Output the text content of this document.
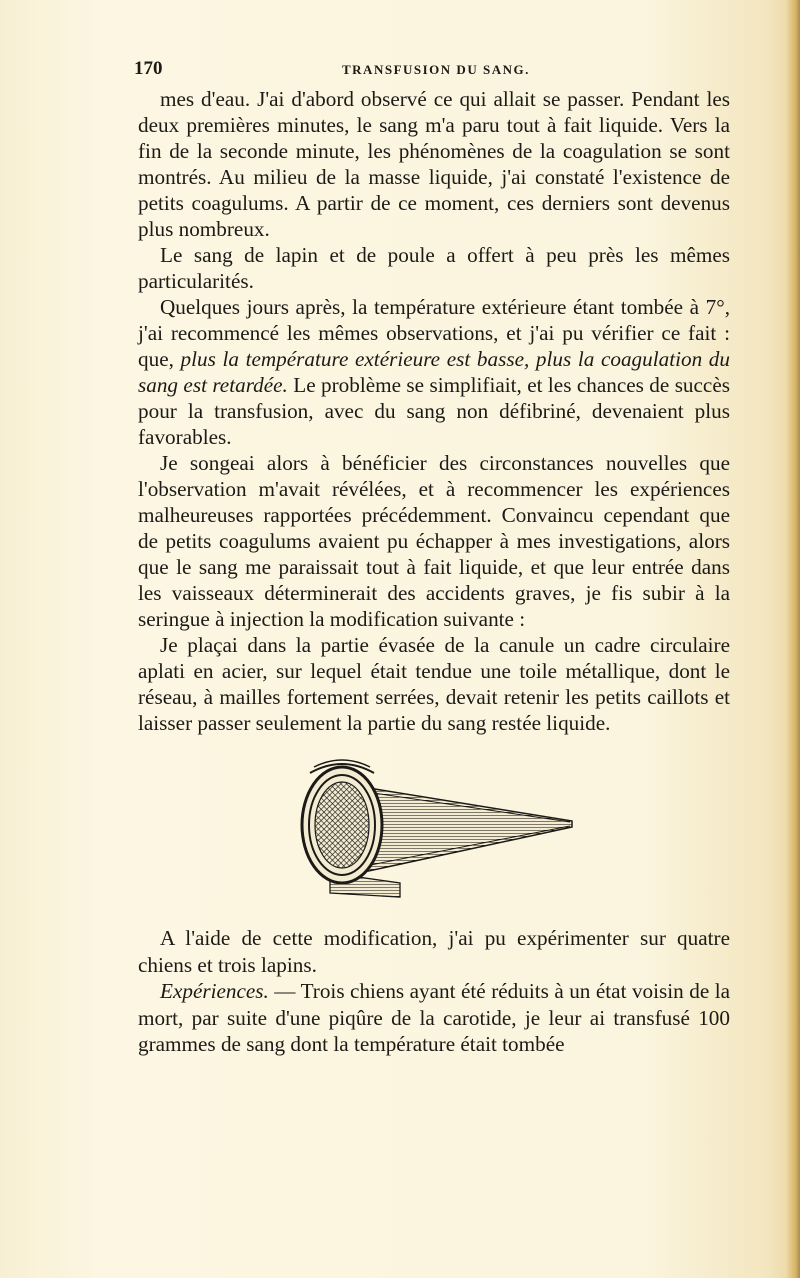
170	TRANSFUSION DU SANG.

mes d'eau. J'ai d'abord observé ce qui allait se passer. Pendant les deux premières minutes, le sang m'a paru tout à fait liquide. Vers la fin de la seconde minute, les phénomènes de la coagulation se sont montrés. Au milieu de la masse liquide, j'ai constaté l'existence de petits coagulums. A partir de ce moment, ces derniers sont devenus plus nombreux.

Le sang de lapin et de poule a offert à peu près les mêmes particularités.

Quelques jours après, la température extérieure étant tombée à 7°, j'ai recommencé les mêmes observations, et j'ai pu vérifier ce fait : que, plus la température extérieure est basse, plus la coagulation du sang est retardée. Le problème se simplifiait, et les chances de succès pour la transfusion, avec du sang non défibriné, devenaient plus favorables.

Je songeai alors à bénéficier des circonstances nouvelles que l'observation m'avait révélées, et à recommencer les expériences malheureuses rapportées précédemment. Convaincu cependant que de petits coagulums avaient pu échapper à mes investigations, alors que le sang me paraissait tout à fait liquide, et que leur entrée dans les vaisseaux déterminerait des accidents graves, je fis subir à la seringue à injection la modification suivante :

Je plaçai dans la partie évasée de la canule un cadre circulaire aplati en acier, sur lequel était tendue une toile métallique, dont le réseau, à mailles fortement serrées, devait retenir les petits caillots et laisser passer seulement la partie du sang restée liquide.

A l'aide de cette modification, j'ai pu expérimenter sur quatre chiens et trois lapins.

Expériences. — Trois chiens ayant été réduits à un état voisin de la mort, par suite d'une piqûre de la carotide, je leur ai transfusé 100 grammes de sang dont la température était tombée
